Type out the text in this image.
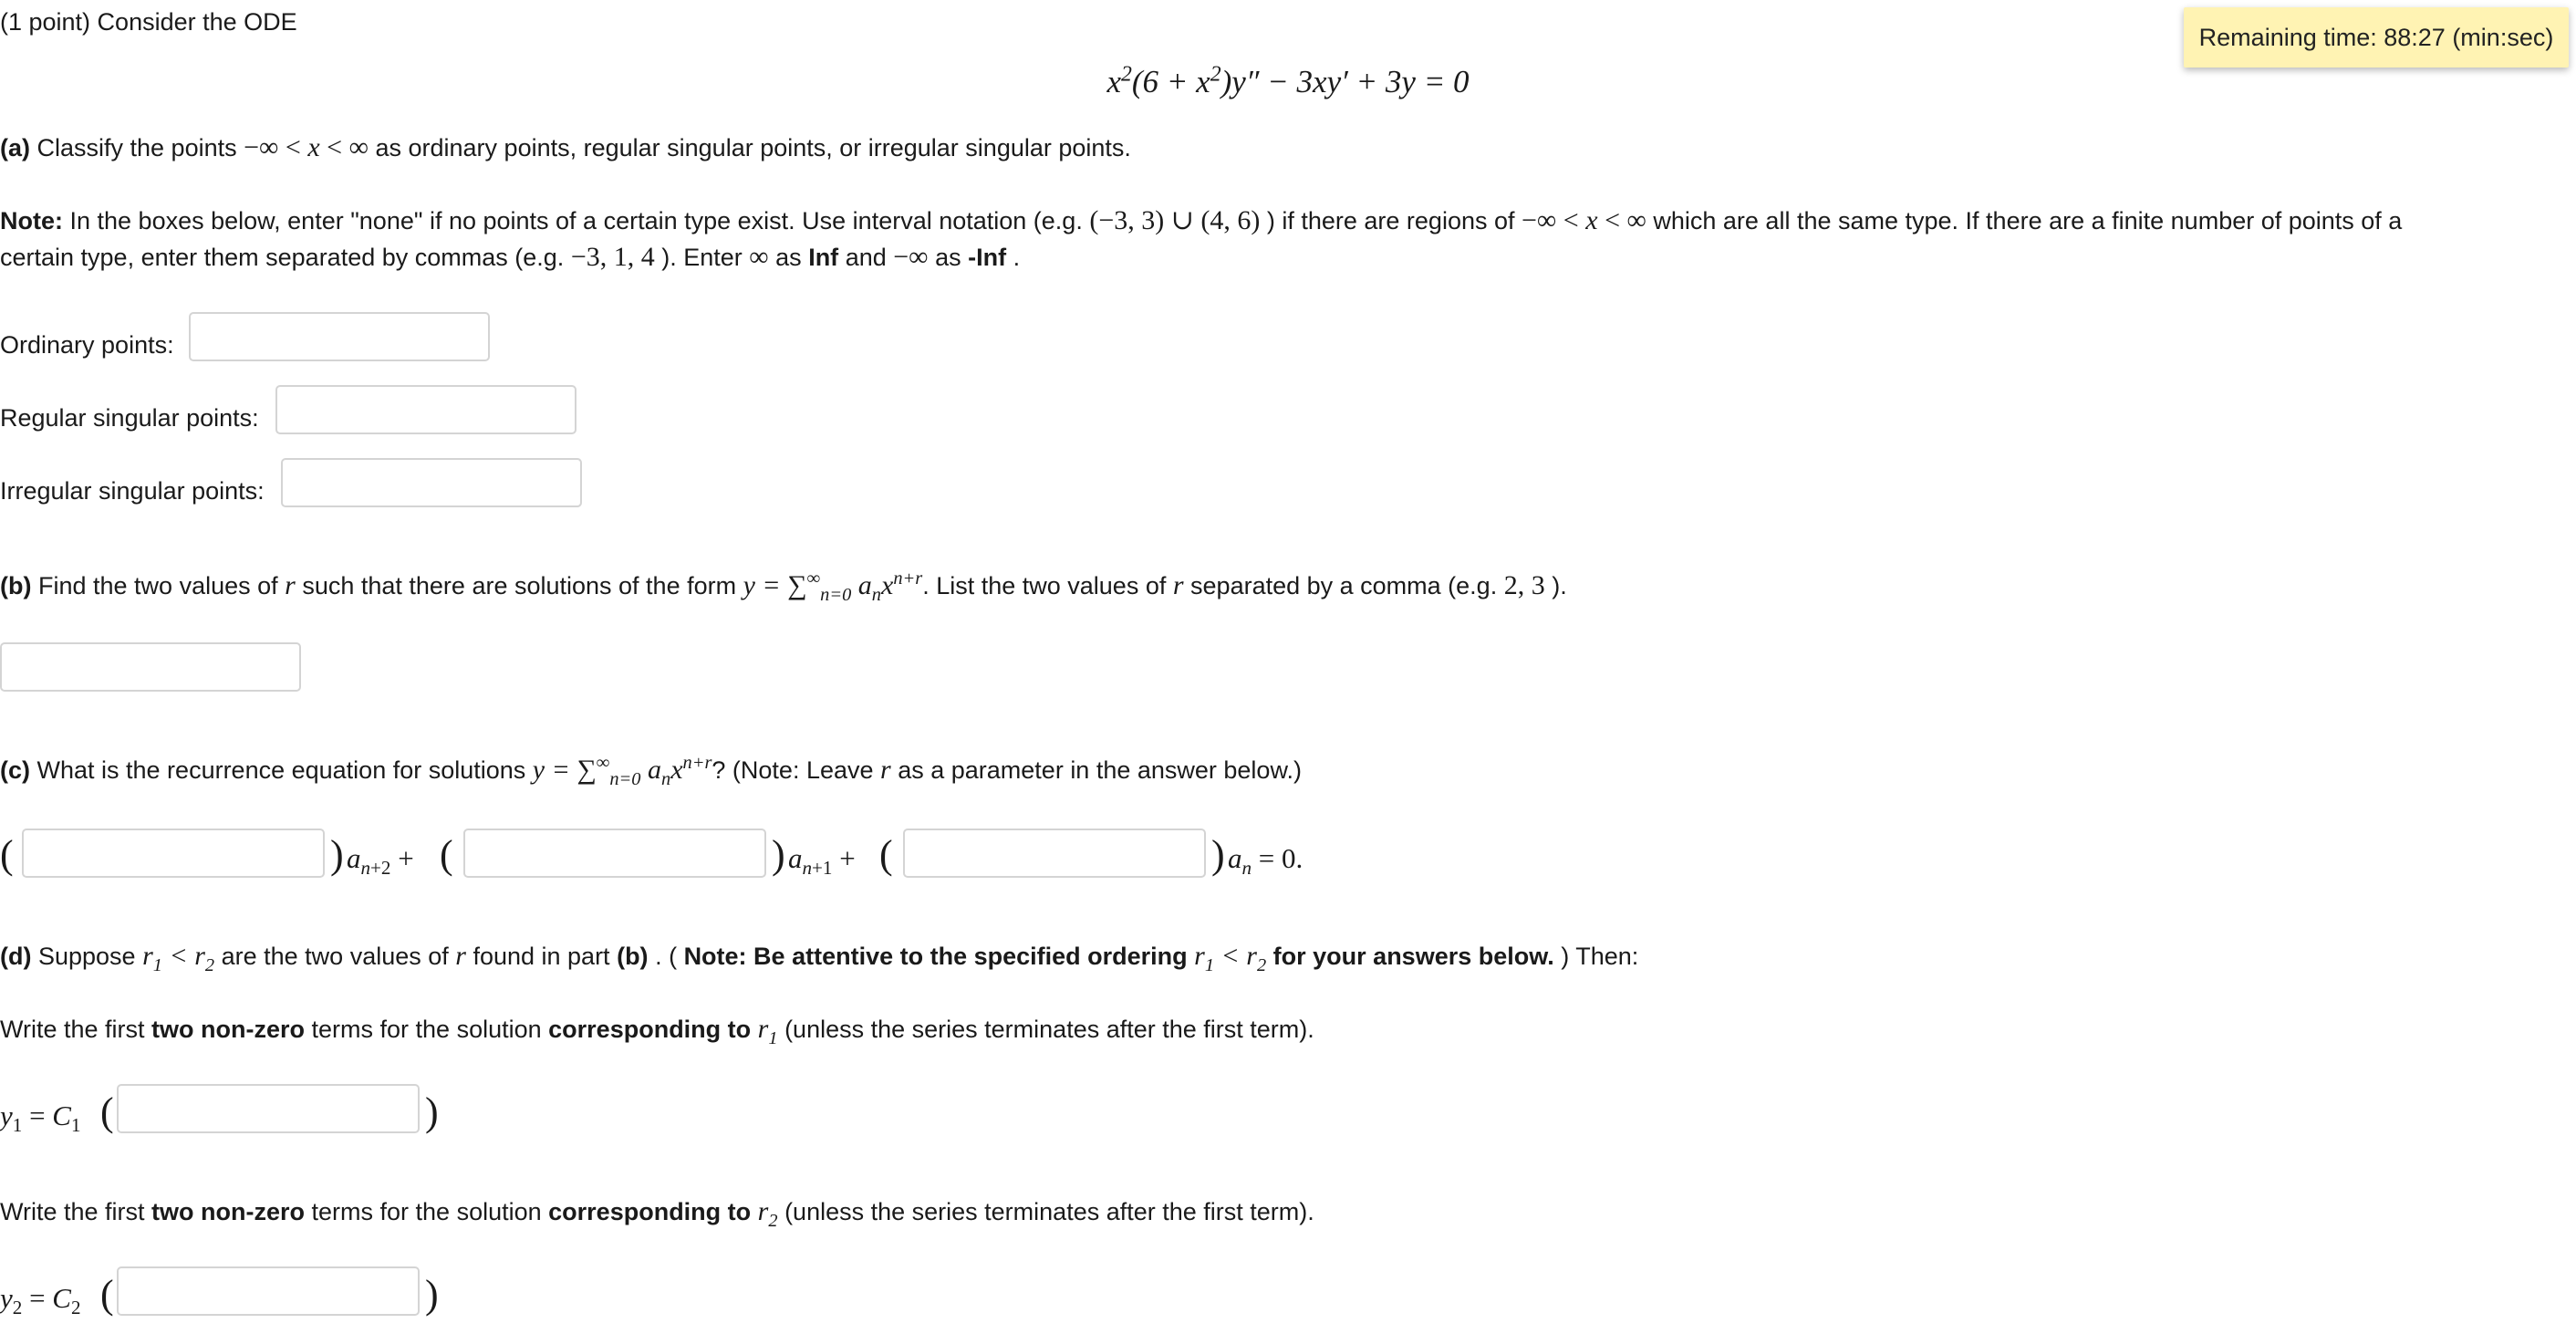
(1 point) Consider the ODE
Remaining time: 88:27 (min:sec)
$x^2(6 + x^2)y'' - 3xy' + 3y = 0$
(a) Classify the points −∞ < x < ∞ as ordinary points, regular singular points, or irregular singular points.
Note: In the boxes below, enter "none" if no points of a certain type exist. Use interval notation (e.g. (−3, 3) ∪ (4, 6) ) if there are regions of −∞ < x < ∞ which are all the same type. If there are a finite number of points of a
certain type, enter them separated by commas (e.g. −3, 1, 4 ). Enter ∞ as Inf and −∞ as -Inf .
Ordinary points:
Regular singular points:
Irregular singular points:
(b) Find the two values of r such that there are solutions of the form $y = \sum^\infty_{n=0}$ $a_nx^{n+r}$. List the two values of r separated by a comma (e.g. 2, 3 ).
(c) What is the recurrence equation for solutions $y = \sum^\infty_{n=0}$ $a_nx^{n+r}$? (Note: Leave r as a parameter in the answer below.)
(	) $a_{n+2}$ + (	) $a_{n+1}$ + (	) $a_n = 0$.
(d) Suppose $r_1 < r_2$ are the two values of r found in part (b) . ( Note: Be attentive to the specified ordering $r_1 < r_2$ for your answers below. ) Then:
Write the first two non-zero terms for the solution corresponding to $r_1$ (unless the series terminates after the first term).
$y_1 = C_1$ (	)
Write the first two non-zero terms for the solution corresponding to $r_2$ (unless the series terminates after the first term).
$y_2 = C_2$ (	)
